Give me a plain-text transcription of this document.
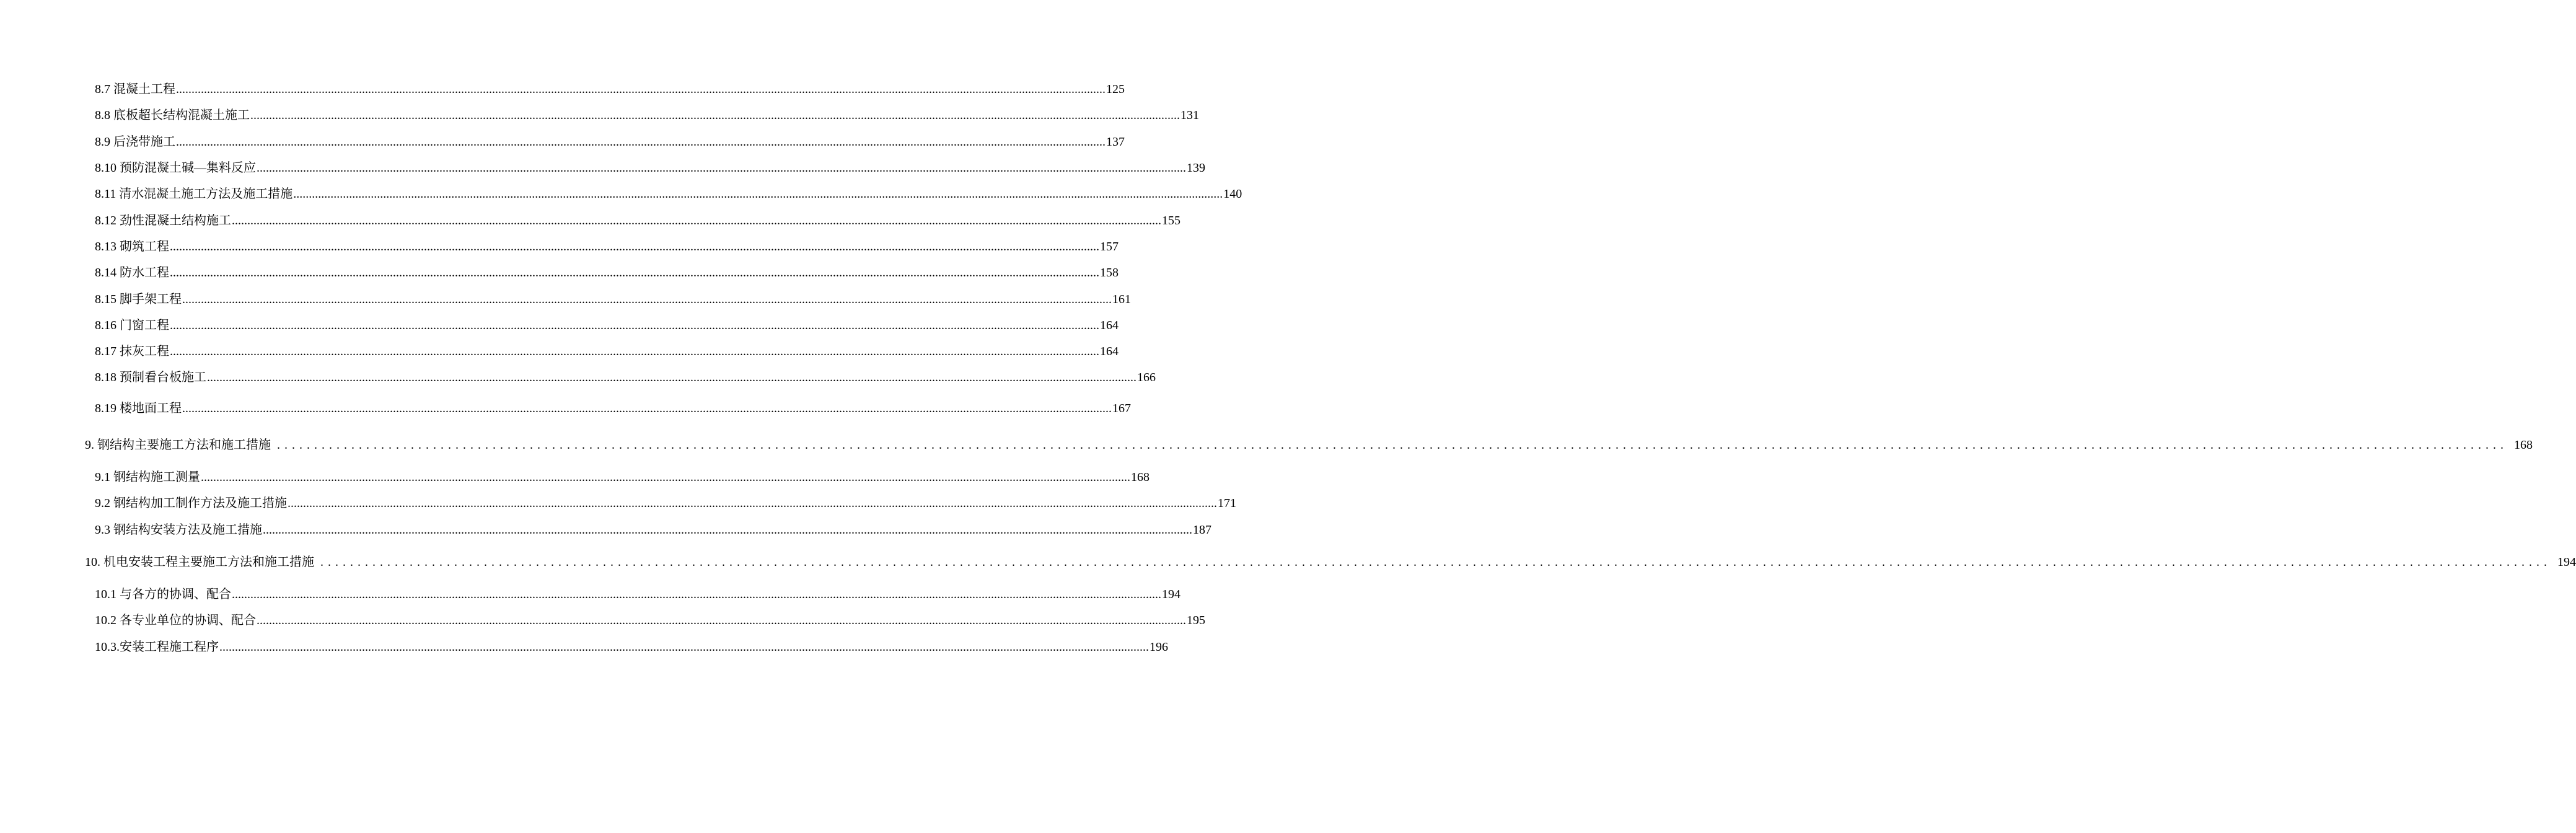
8.7 混凝土工程 ............................................................................................................................................................................................................................................................................................................ 125
8.8 底板超长结构混凝土施工 ............................................................................................................................................................................................................................................................................................................ 131
8.9 后浇带施工 ............................................................................................................................................................................................................................................................................................................ 137
8.10 预防混凝土碱—集料反应 ............................................................................................................................................................................................................................................................................................................ 139
8.11 清水混凝土施工方法及施工措施 ............................................................................................................................................................................................................................................................................................................ 140
8.12 劲性混凝土结构施工 ............................................................................................................................................................................................................................................................................................................ 155
8.13 砌筑工程 ............................................................................................................................................................................................................................................................................................................ 157
8.14 防水工程 ............................................................................................................................................................................................................................................................................................................ 158
8.15 脚手架工程 ............................................................................................................................................................................................................................................................................................................ 161
8.16 门窗工程 ............................................................................................................................................................................................................................................................................................................ 164
8.17 抹灰工程 ............................................................................................................................................................................................................................................................................................................ 164
8.18 预制看台板施工 ............................................................................................................................................................................................................................................................................................................ 166
8.19 楼地面工程 ............................................................................................................................................................................................................................................................................................................ 167
9. 钢结构主要施工方法和施工措施 ............................................................................................................................................................................................................................................................................................................ 168
9.1 钢结构施工测量 ............................................................................................................................................................................................................................................................................................................ 168
9.2 钢结构加工制作方法及施工措施 ............................................................................................................................................................................................................................................................................................................ 171
9.3 钢结构安装方法及施工措施 ............................................................................................................................................................................................................................................................................................................ 187
10. 机电安装工程主要施工方法和施工措施 ............................................................................................................................................................................................................................................................................................................ 194
10.1 与各方的协调、配合 ............................................................................................................................................................................................................................................................................................................ 194
10.2 各专业单位的协调、配合 ............................................................................................................................................................................................................................................................................................................ 195
10.3.安装工程施工程序 ............................................................................................................................................................................................................................................................................................................ 196
